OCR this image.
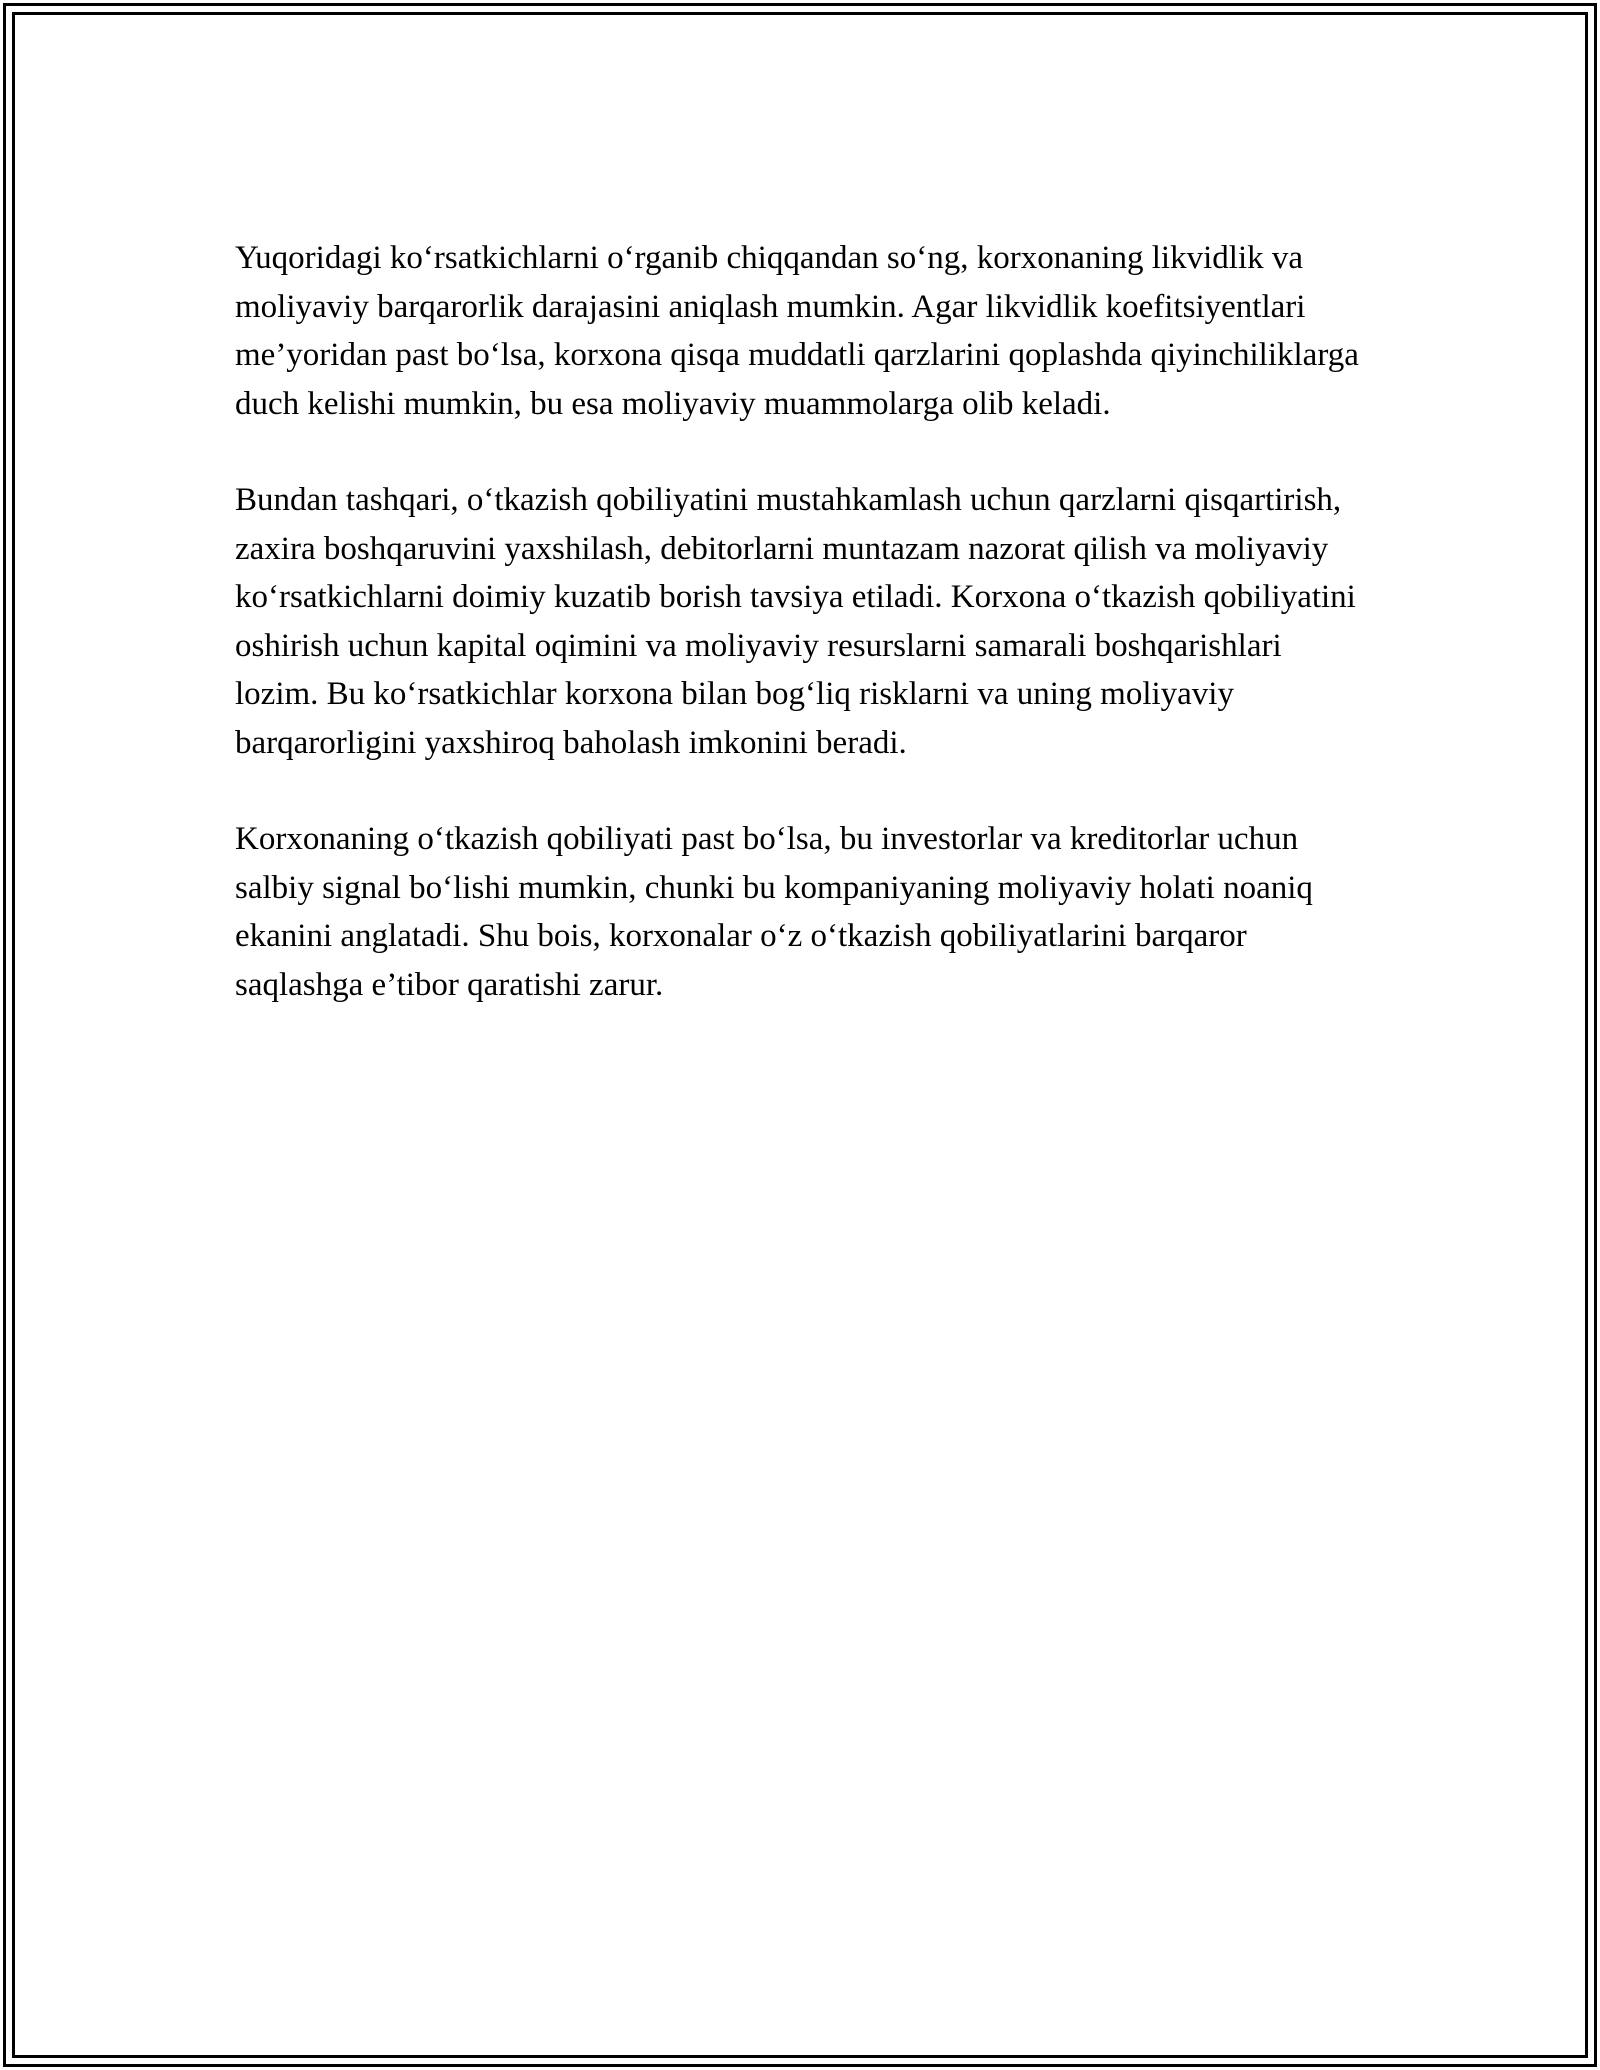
Yuqoridagi ko‘rsatkichlarni o‘rganib chiqqandan so‘ng, korxonaning likvidlik va moliyaviy barqarorlik darajasini aniqlash mumkin. Agar likvidlik koefitsiyentlari me’yoridan past bo‘lsa, korxona qisqa muddatli qarzlarini qoplashda qiyinchiliklarga duch kelishi mumkin, bu esa moliyaviy muammolarga olib keladi.

Bundan tashqari, o‘tkazish qobiliyatini mustahkamlash uchun qarzlarni qisqartirish, zaxira boshqaruvini yaxshilash, debitorlarni muntazam nazorat qilish va moliyaviy ko‘rsatkichlarni doimiy kuzatib borish tavsiya etiladi. Korxona o‘tkazish qobiliyatini oshirish uchun kapital oqimini va moliyaviy resurslarni samarali boshqarishlari lozim. Bu ko‘rsatkichlar korxona bilan bog‘liq risklarni va uning moliyaviy barqarorligini yaxshiroq baholash imkonini beradi.

Korxonaning o‘tkazish qobiliyati past bo‘lsa, bu investorlar va kreditorlar uchun salbiy signal bo‘lishi mumkin, chunki bu kompaniyaning moliyaviy holati noaniq ekanini anglatadi. Shu bois, korxonalar o‘z o‘tkazish qobiliyatlarini barqaror saqlashga e’tibor qaratishi zarur.
